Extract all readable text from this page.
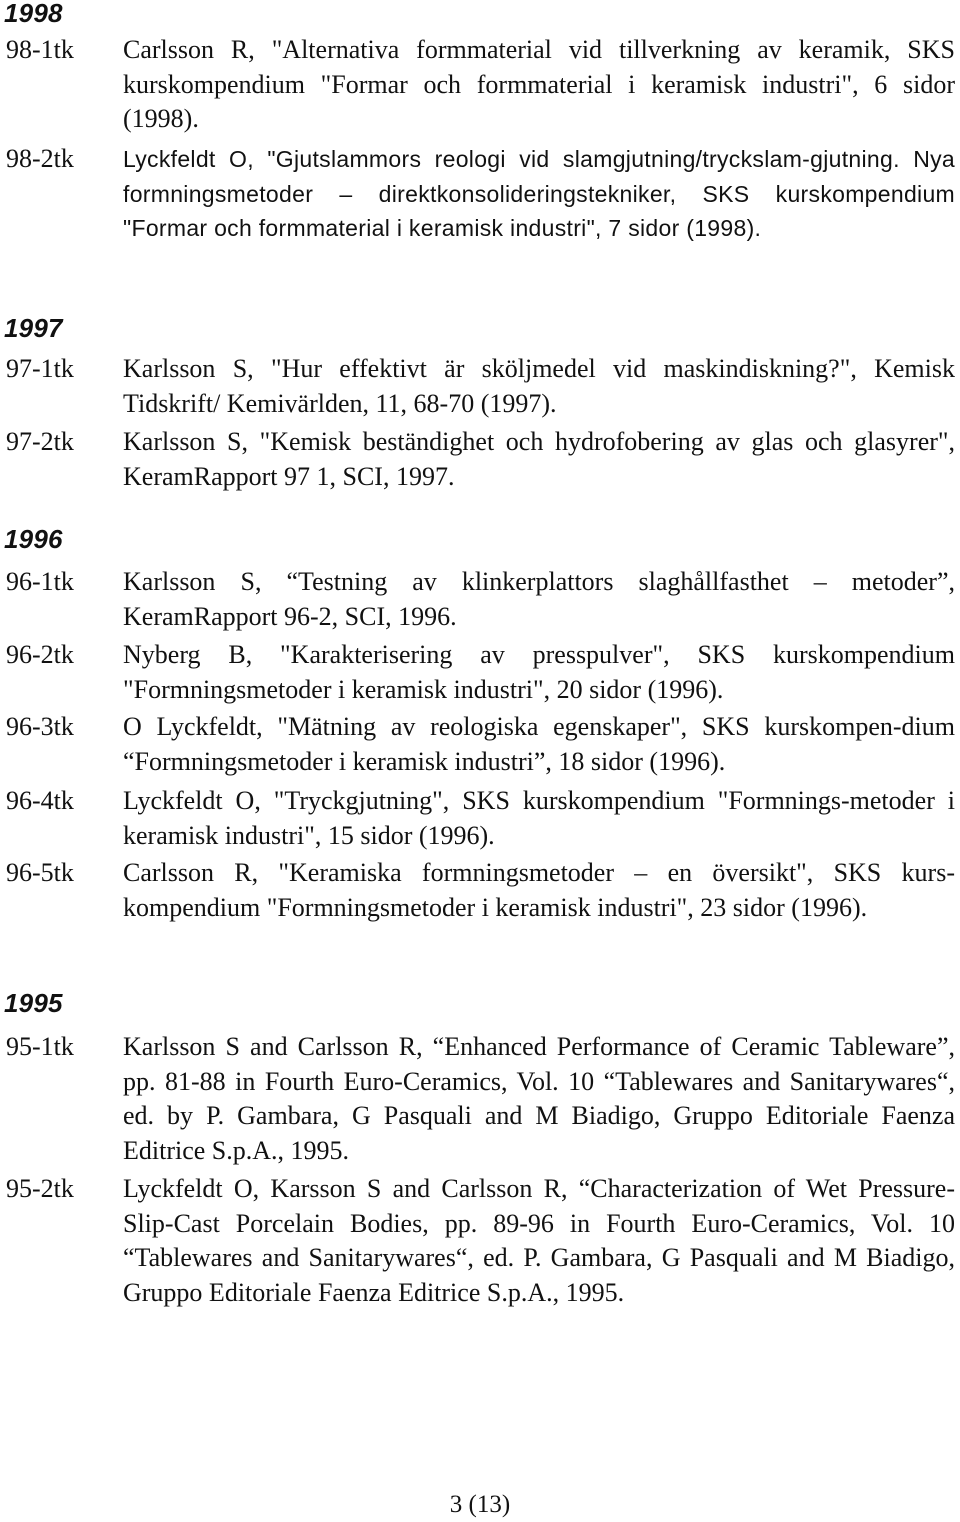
1998
98-1tk	Carlsson R, "Alternativa formmaterial vid tillverkning av keramik, SKS kurskompendium "Formar och formmaterial i keramisk industri", 6 sidor (1998).
98-2tk	Lyckfeldt O, "Gjutslammors reologi vid slamgjutning/tryckslam-gjutning. Nya formningsmetoder – direktkonsolideringstekniker, SKS kurskompendium "Formar och formmaterial i keramisk industri", 7 sidor (1998).
1997
97-1tk	Karlsson S, "Hur effektivt är sköljmedel vid maskindiskning?", Kemisk Tidskrift/ Kemivärlden, 11, 68-70 (1997).
97-2tk	Karlsson S, "Kemisk beständighet och hydrofobering av glas och glasyrer", KeramRapport 97 1, SCI, 1997.
1996
96-1tk	Karlsson S, “Testning av klinkerplattors slaghållfasthet – metoder”, KeramRapport 96-2, SCI, 1996.
96-2tk	Nyberg B, "Karakterisering av presspulver", SKS kurskompendium "Formningsmetoder i keramisk industri", 20 sidor (1996).
96-3tk	O Lyckfeldt, "Mätning av reologiska egenskaper", SKS kurskompen-dium “Formningsmetoder i keramisk industri”, 18 sidor (1996).
96-4tk	Lyckfeldt O, "Tryckgjutning", SKS kurskompendium "Formnings-metoder i keramisk industri", 15 sidor (1996).
96-5tk	Carlsson R, "Keramiska formningsmetoder – en översikt", SKS kurs-kompendium "Formningsmetoder i keramisk industri", 23 sidor (1996).
1995
95-1tk	Karlsson S and Carlsson R, “Enhanced Performance of Ceramic Tableware”, pp. 81-88 in Fourth Euro-Ceramics, Vol. 10 “Tablewares and Sanitarywares“, ed. by P. Gambara, G Pasquali and M Biadigo, Gruppo Editoriale Faenza Editrice S.p.A., 1995.
95-2tk	Lyckfeldt O, Karsson S and Carlsson R, “Characterization of Wet Pressure-Slip-Cast Porcelain Bodies, pp. 89-96 in Fourth Euro-Ceramics, Vol. 10 “Tablewares and Sanitarywares“, ed. P. Gambara, G Pasquali and M Biadigo, Gruppo Editoriale Faenza Editrice S.p.A., 1995.
3 (13)
